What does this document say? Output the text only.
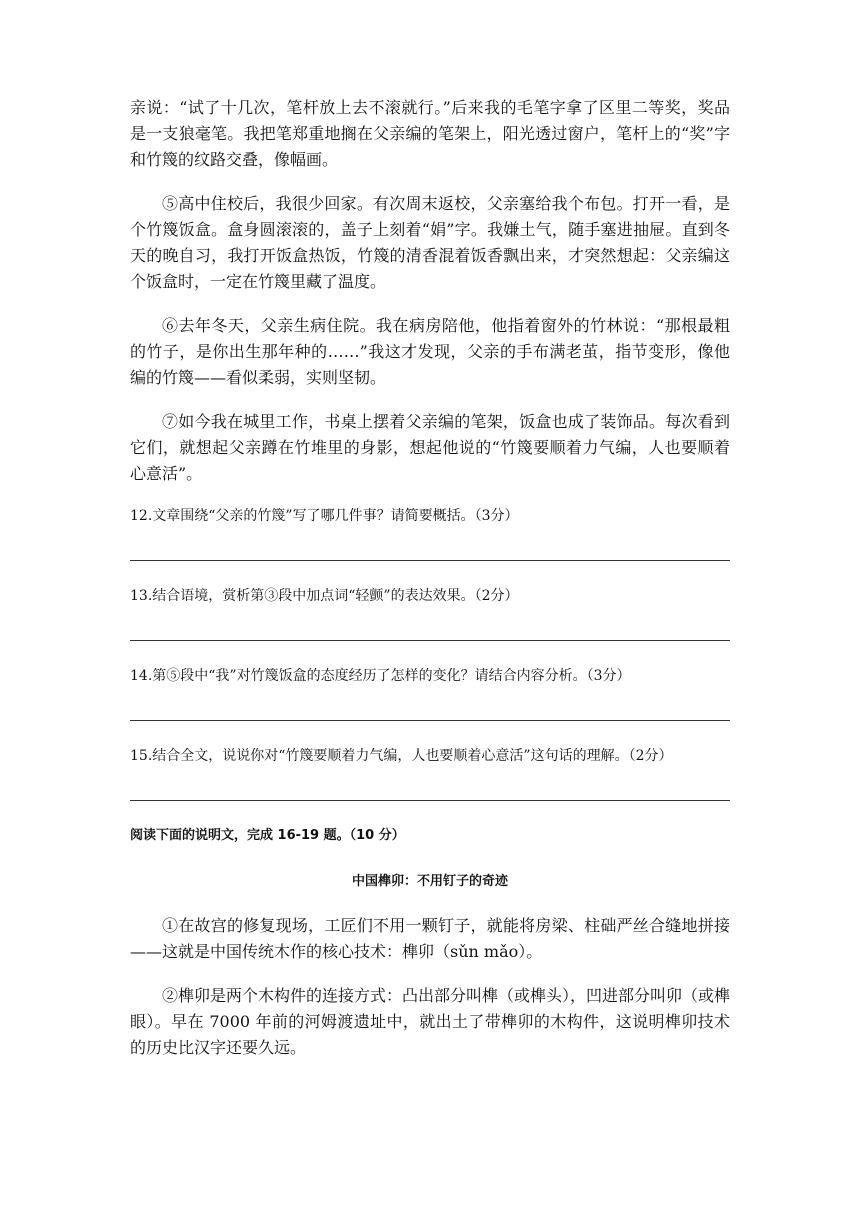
亲说：“试了十几次，笔杆放上去不滚就行。”后来我的毛笔字拿了区里二等奖，奖品是一支狼毫笔。我把笔郑重地搁在父亲编的笔架上，阳光透过窗户，笔杆上的“奖”字和竹篾的纹路交叠，像幅画。

⑤高中住校后，我很少回家。有次周末返校，父亲塞给我个布包。打开一看，是个竹篾饭盒。盒身圆滚滚的，盖子上刻着“娟”字。我嫌土气，随手塞进抽屉。直到冬天的晚自习，我打开饭盒热饭，竹篾的清香混着饭香飘出来，才突然想起：父亲编这个饭盒时，一定在竹篾里藏了温度。

⑥去年冬天，父亲生病住院。我在病房陪他，他指着窗外的竹林说：“那根最粗的竹子，是你出生那年种的……”我这才发现，父亲的手布满老茧，指节变形，像他编的竹篾——看似柔弱，实则坚韧。

⑦如今我在城里工作，书桌上摆着父亲编的笔架，饭盒也成了装饰品。每次看到它们，就想起父亲蹲在竹堆里的身影，想起他说的“竹篾要顺着力气编，人也要顺着心意活”。

12.文章围绕“父亲的竹篾”写了哪几件事？请简要概括。（3分）

13.结合语境，赏析第③段中加点词“轻颤”的表达效果。（2分）

14.第⑤段中“我”对竹篾饭盒的态度经历了怎样的变化？请结合内容分析。（3分）

15.结合全文，说说你对“竹篾要顺着力气编，人也要顺着心意活”这句话的理解。（2分）

阅读下面的说明文，完成 16-19 题。（10 分）

中国榫卯：不用钉子的奇迹

①在故宫的修复现场，工匠们不用一颗钉子，就能将房梁、柱础严丝合缝地拼接——这就是中国传统木作的核心技术：榫卯（sǔn mǎo）。

②榫卯是两个木构件的连接方式：凸出部分叫榫（或榫头），凹进部分叫卯（或榫眼）。早在 7000 年前的河姆渡遗址中，就出土了带榫卯的木构件，这说明榫卯技术的历史比汉字还要久远。
